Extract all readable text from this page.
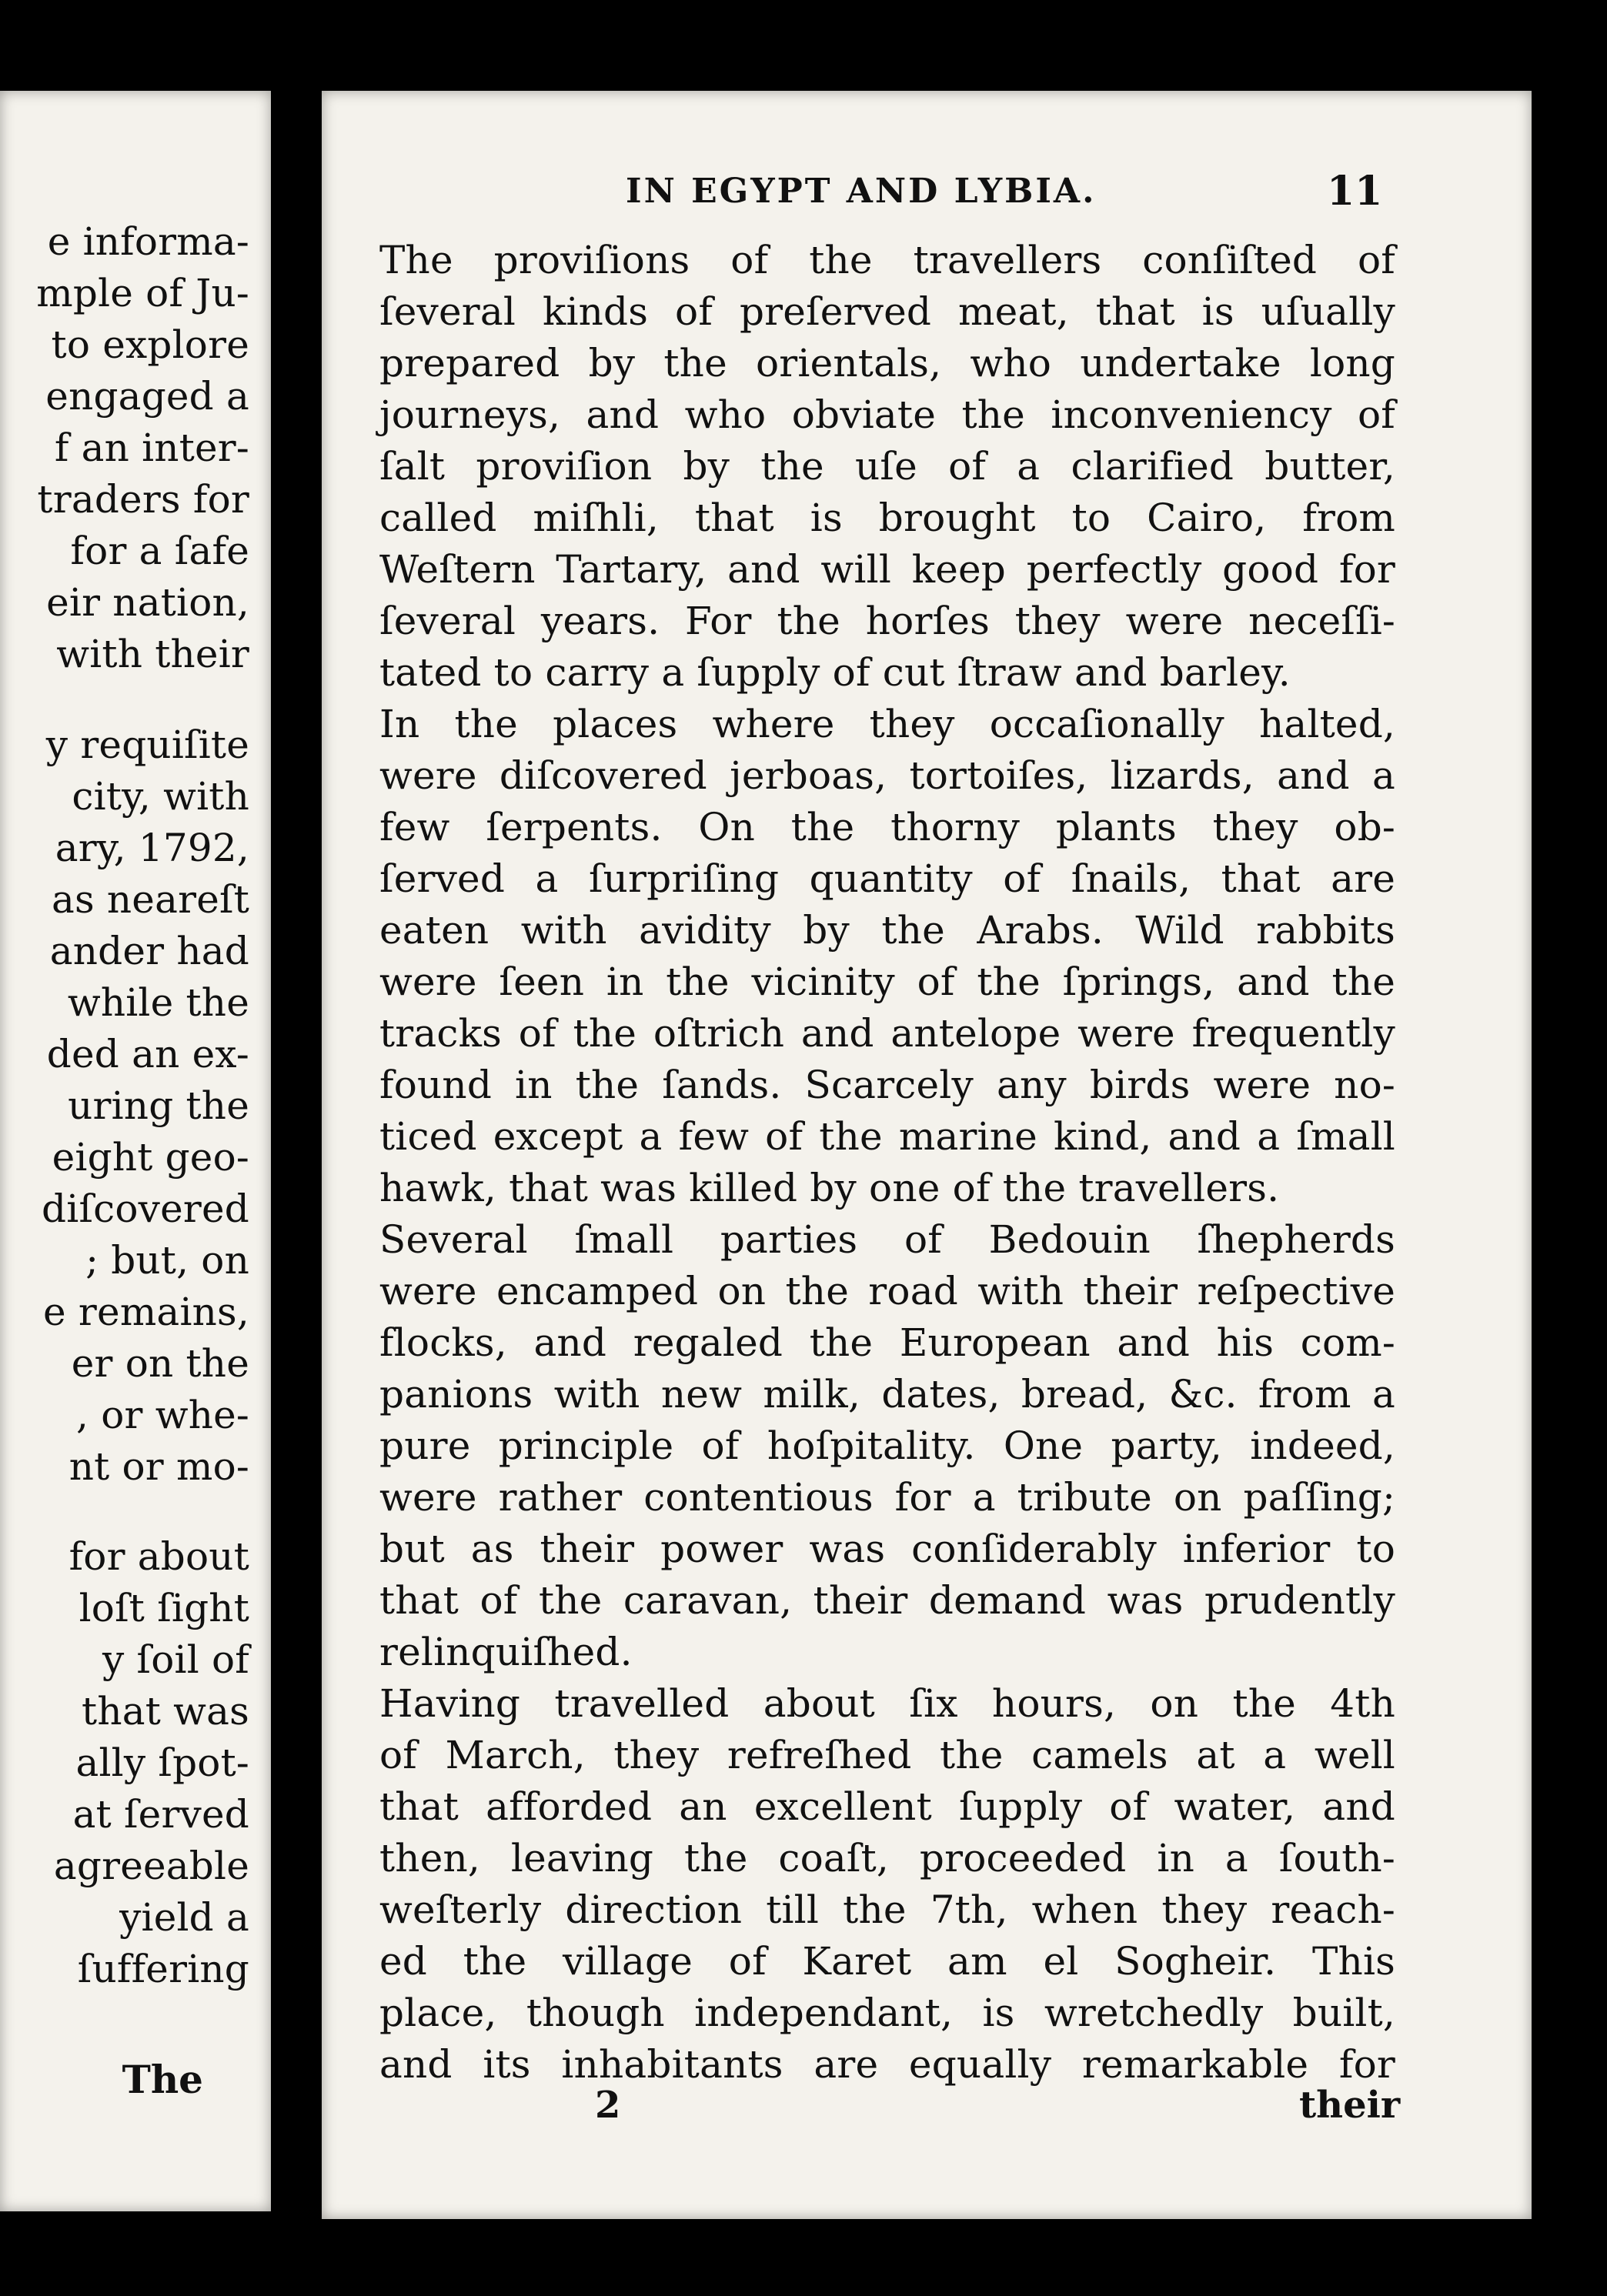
e informa-
mple of Ju-
to explore
engaged a
f an inter-
traders for
for a ſafe
eir nation,
with their
y requiſite
city, with
ary, 1792,
as neareſt
ander had
while the
ded an ex-
uring the
eight geo-
diſcovered
; but, on
e remains,
er on the
, or whe-
nt or mo-
for about
loſt ſight
y ſoil of
that was
ally ſpot-
at ſerved
agreeable
yield a
ſuffering
The
IN EGYPT AND LYBIA.	11
The proviſions of the travellers conſiſted of
ſeveral kinds of preſerved meat, that is uſually
prepared by the orientals, who undertake long
journeys, and who obviate the inconveniency of
ſalt proviſion by the uſe of a clarified butter,
called miſhli, that is brought to Cairo, from
Weſtern Tartary, and will keep perfectly good for
ſeveral years. For the horſes they were neceſſi-
tated to carry a ſupply of cut ſtraw and barley.
In the places where they occaſionally halted,
were diſcovered jerboas, tortoiſes, lizards, and a
few ſerpents. On the thorny plants they ob-
ſerved a ſurpriſing quantity of ſnails, that are
eaten with avidity by the Arabs. Wild rabbits
were ſeen in the vicinity of the ſprings, and the
tracks of the oſtrich and antelope were frequently
found in the ſands. Scarcely any birds were no-
ticed except a few of the marine kind, and a ſmall
hawk, that was killed by one of the travellers.
Several ſmall parties of Bedouin ſhepherds
were encamped on the road with their reſpective
flocks, and regaled the European and his com-
panions with new milk, dates, bread, &c. from a
pure principle of hoſpitality. One party, indeed,
were rather contentious for a tribute on paſſing;
but as their power was conſiderably inferior to
that of the caravan, their demand was prudently
relinquiſhed.
Having travelled about ſix hours, on the 4th
of March, they refreſhed the camels at a well
that afforded an excellent ſupply of water, and
then, leaving the coaſt, proceeded in a ſouth-
weſterly direction till the 7th, when they reach-
ed the village of Karet am el Sogheir. This
place, though independant, is wretchedly built,
and its inhabitants are equally remarkable for
2	their
